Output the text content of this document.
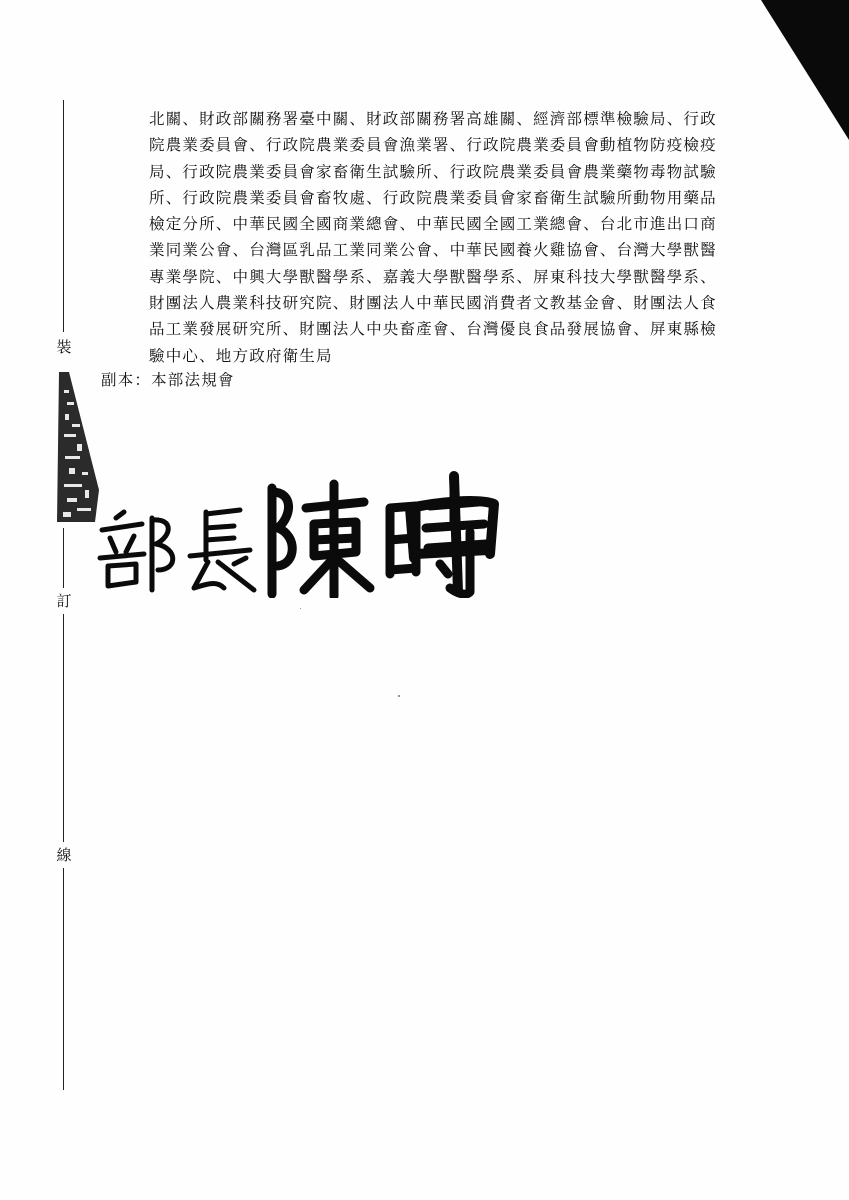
裝
訂
線

北關、財政部關務署臺中關、財政部關務署高雄關、經濟部標準檢驗局、行政
院農業委員會、行政院農業委員會漁業署、行政院農業委員會動植物防疫檢疫
局、行政院農業委員會家畜衛生試驗所、行政院農業委員會農業藥物毒物試驗
所、行政院農業委員會畜牧處、行政院農業委員會家畜衛生試驗所動物用藥品
檢定分所、中華民國全國商業總會、中華民國全國工業總會、台北市進出口商
業同業公會、台灣區乳品工業同業公會、中華民國養火雞協會、台灣大學獸醫
專業學院、中興大學獸醫學系、嘉義大學獸醫學系、屏東科技大學獸醫學系、
財團法人農業科技研究院、財團法人中華民國消費者文教基金會、財團法人食
品工業發展研究所、財團法人中央畜產會、台灣優良食品發展協會、屏東縣檢
驗中心、地方政府衛生局

副本：本部法規會
